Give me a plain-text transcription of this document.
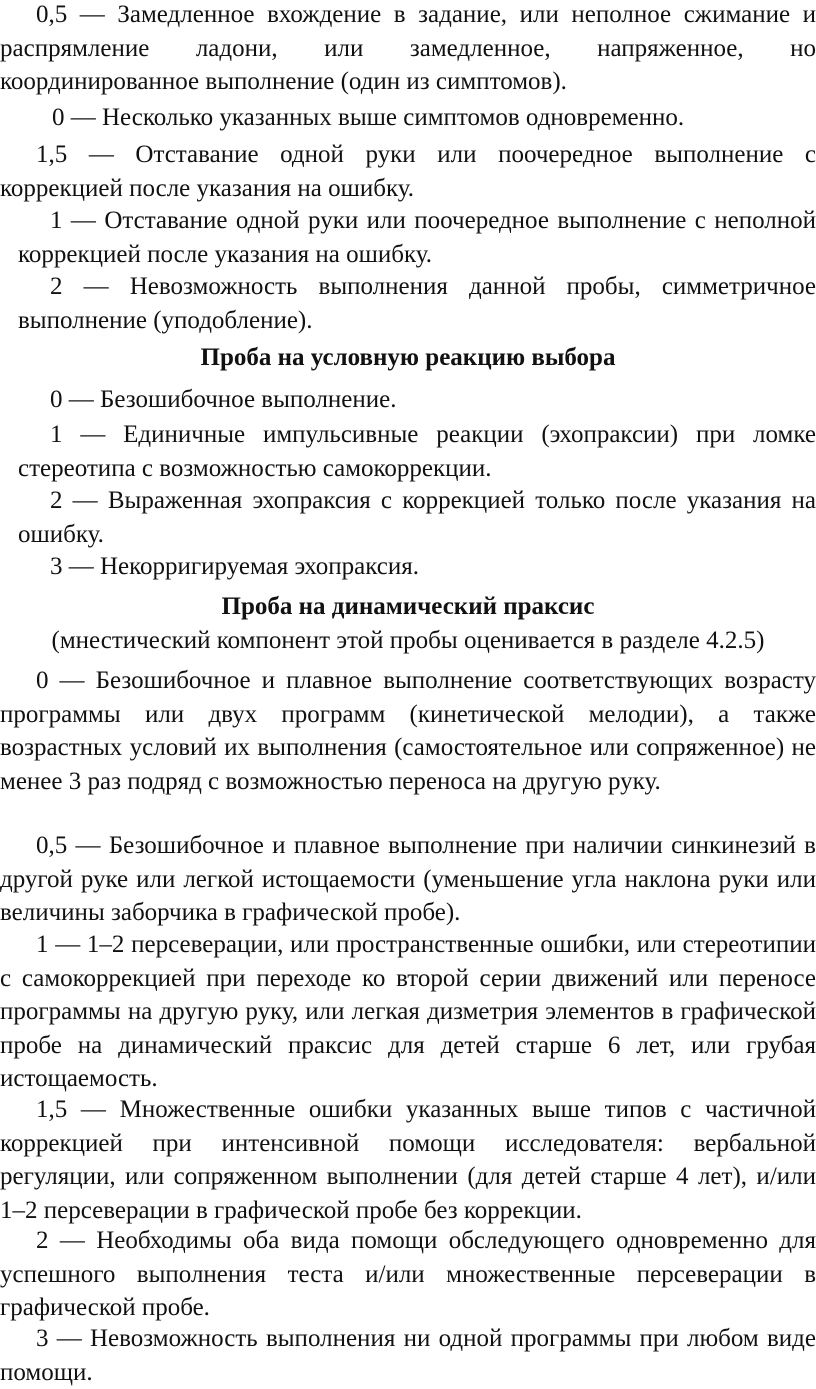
0,5 — Замедленное вхождение в задание, или неполное сжимание и распрямление ладони, или замедленное, напряженное, но координированное выполнение (один из симптомов).

0 — Несколько указанных выше симптомов одновременно.

1,5 — Отставание одной руки или поочередное выполнение с коррекцией после указания на ошибку.

1 — Отставание одной руки или поочередное выполнение с неполной коррекцией после указания на ошибку.

2 — Невозможность выполнения данной пробы, симметричное выполнение (уподобление).

Проба на условную реакцию выбора

0 — Безошибочное выполнение.

1 — Единичные импульсивные реакции (эхопраксии) при ломке стереотипа с возможностью самокоррекции.

2 — Выраженная эхопраксия с коррекцией только после указания на ошибку.

3 — Некорригируемая эхопраксия.

Проба на динамический праксис

(мнестический компонент этой пробы оценивается в разделе 4.2.5)

0 — Безошибочное и плавное выполнение соответствующих возрасту программы или двух программ (кинетической мелодии), а также возрастных условий их выполнения (самостоятельное или сопряженное) не менее 3 раз подряд с возможностью переноса на другую руку.

0,5 — Безошибочное и плавное выполнение при наличии синкинезий в другой руке или легкой истощаемости (уменьшение угла наклона руки или величины заборчика в графической пробе).

1 — 1–2 персеверации, или пространственные ошибки, или стереотипии с самокоррекцией при переходе ко второй серии движений или переносе программы на другую руку, или легкая дизметрия элементов в графической пробе на динамический праксис для детей старше 6 лет, или грубая истощаемость.

1,5 — Множественные ошибки указанных выше типов с частичной коррекцией при интенсивной помощи исследователя: вербальной регуляции, или сопряженном выполнении (для детей старше 4 лет), и/или 1–2 персеверации в графической пробе без коррекции.

2 — Необходимы оба вида помощи обследующего одновременно для успешного выполнения теста и/или множественные персеверации в графической пробе.

3 — Невозможность выполнения ни одной программы при любом виде помощи.
